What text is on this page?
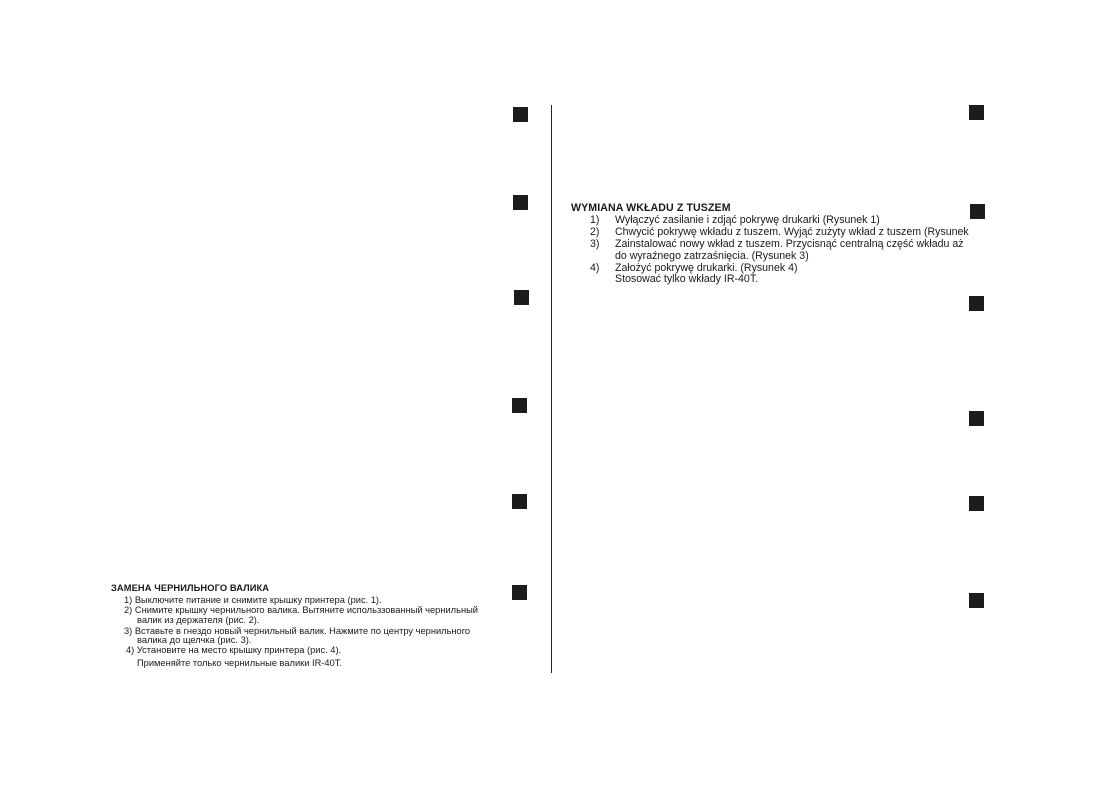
ЗАМЕНА ЧЕРНИЛЬНОГО ВАЛИКА
1) Выключите питание и снимите крышку принтера (рис. 1).
2) Снимите крышку чернильного валика. Вытяните использзованный чернильный
валик из держателя (рис. 2).
3) Вставьте в гнездо новый чернильный валик. Нажмите по центру чернильного
валика до щелчка (рис. 3).
4) Установите на место крышку принтера (рис. 4).
Применяйте только чернильные валики IR-40T.
WYMIANA WKŁADU Z TUSZEM
1) Wyłączyć zasilanie i zdjąć pokrywę drukarki (Rysunek 1)
2) Chwycić pokrywę wkładu z tuszem. Wyjąć zużyty wkład z tuszem (Rysunek
3) Zainstalować nowy wkład z tuszem. Przycisnąć centralną część wkładu aż
do wyraźnego zatrzaśnięcia. (Rysunek 3)
4) Założyć pokrywę drukarki. (Rysunek 4)
Stosować tylko wkłady IR-40T.
